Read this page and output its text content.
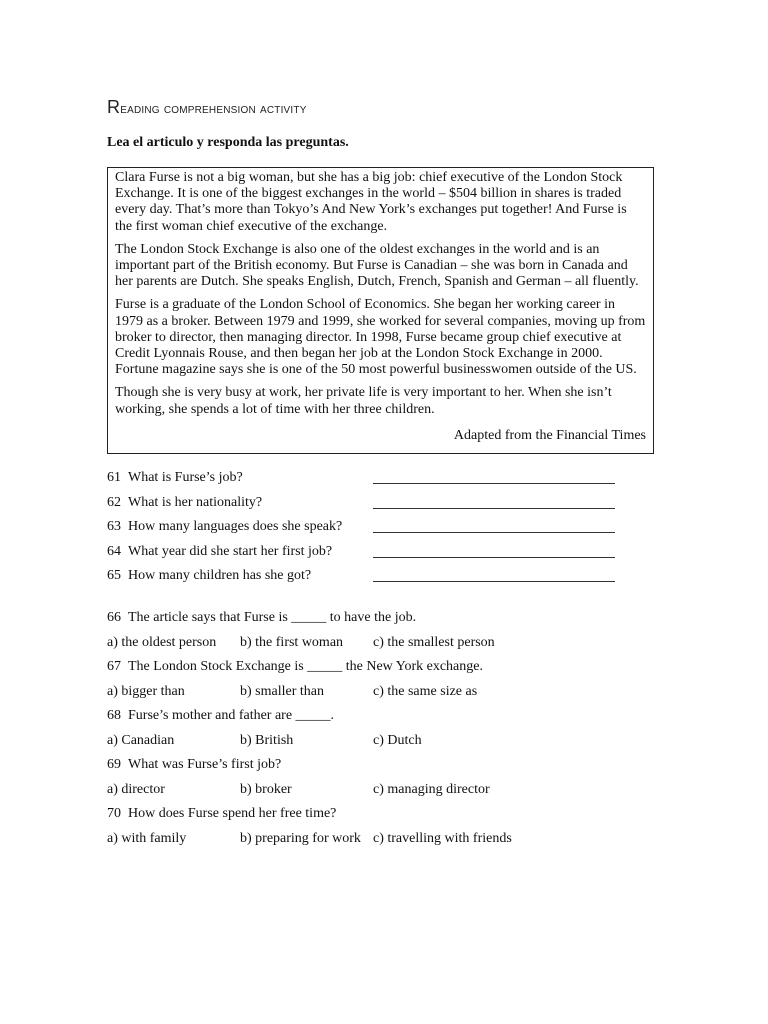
Reading comprehension activity
Lea el articulo y responda las preguntas.

Clara Furse is not a big woman, but she has a big job: chief executive of the London Stock Exchange. It is one of the biggest exchanges in the world – $504 billion in shares is traded every day. That’s more than Tokyo’s And New York’s exchanges put together! And Furse is the first woman chief executive of the exchange.

The London Stock Exchange is also one of the oldest exchanges in the world and is an important part of the British economy. But Furse is Canadian – she was born in Canada and her parents are Dutch. She speaks English, Dutch, French, Spanish and German – all fluently.

Furse is a graduate of the London School of Economics. She began her working career in 1979 as a broker. Between 1979 and 1999, she worked for several companies, moving up from broker to director, then managing director. In 1998, Furse became group chief executive at Credit Lyonnais Rouse, and then began her job at the London Stock Exchange in 2000. Fortune magazine says she is one of the 50 most powerful businesswomen outside of the US.

Though she is very busy at work, her private life is very important to her. When she isn’t working, she spends a lot of time with her three children.

Adapted from the Financial Times

61 What is Furse’s job?
62 What is her nationality?
63 How many languages does she speak?
64 What year did she start her first job?
65 How many children has she got?
66 The article says that Furse is _____ to have the job.
a) the oldest person b) the first woman c) the smallest person
67 The London Stock Exchange is _____ the New York exchange.
a) bigger than	b) smaller than	c) the same size as
68 Furse’s mother and father are _____.
a) Canadian	b) British	c) Dutch
69 What was Furse’s first job?
a) director	b) broker	c) managing director
70 How does Furse spend her free time?
a) with family	b) preparing for work c) travelling with friends
